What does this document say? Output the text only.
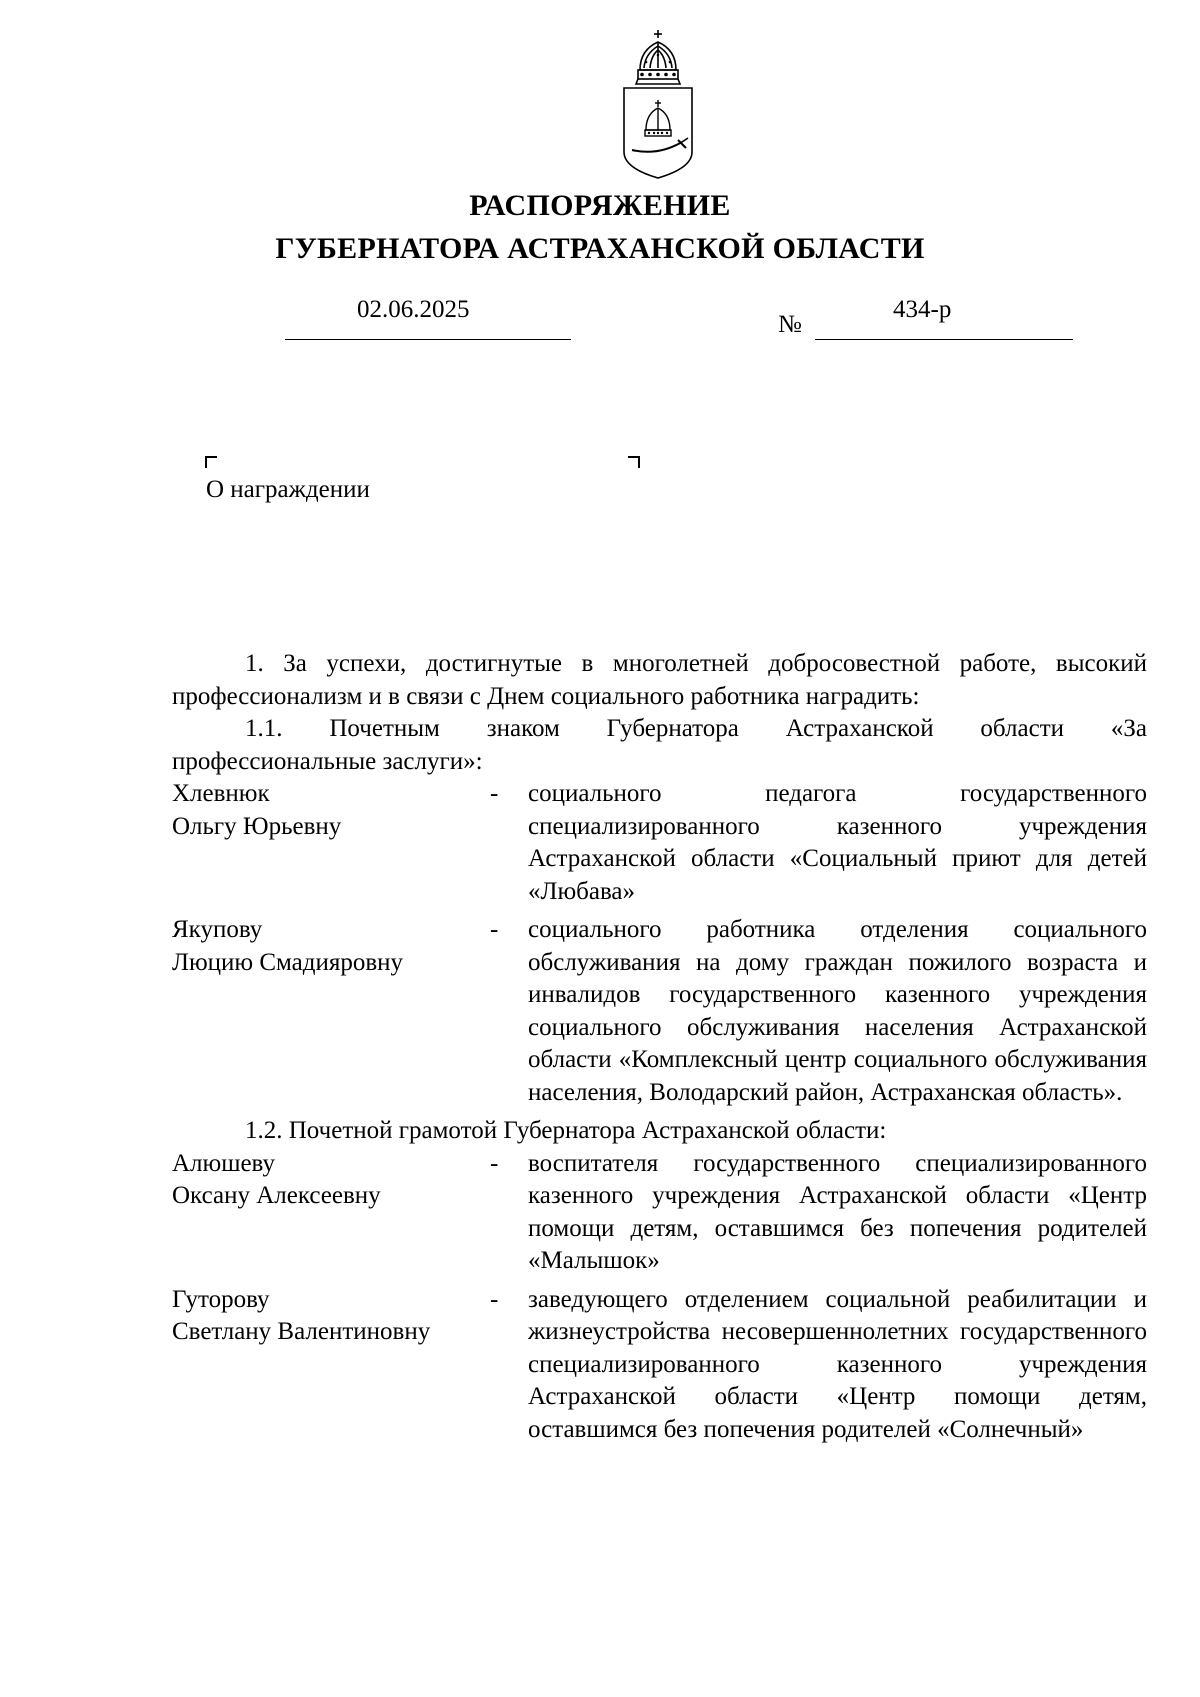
РАСПОРЯЖЕНИЕ
ГУБЕРНАТОРА АСТРАХАНСКОЙ ОБЛАСТИ
02.06.2025
№
434-р
О награждении

1. За успехи, достигнутые в многолетней добросовестной работе, высокий профессионализм и в связи с Днем социального работника наградить:

1.1. Почетным знаком Губернатора Астраханской области «За

профессиональные заслуги»:

Хлевнюк
Ольгу Юрьевну
-	социального педагога государственного специализированного казенного учреждения Астраханской области «Социальный приют для детей «Любава»
Якупову
Люцию Смадияровну
-	социального работника отделения социального обслуживания на дому граждан пожилого возраста и инвалидов государственного казенного учреждения социального обслуживания населения Астраханской области «Комплексный центр социального обслуживания населения, Володарский район, Астраханская область».

1.2. Почетной грамотой Губернатора Астраханской области:

Алюшеву
Оксану Алексеевну
-	воспитателя государственного специализированного казенного учреждения Астраханской области «Центр помощи детям, оставшимся без попечения родителей «Малышок»
Гуторову
Светлану Валентиновну
-	заведующего отделением социальной реабилитации и жизнеустройства несовершеннолетних государственного специализированного казенного учреждения Астраханской области «Центр помощи детям, оставшимся без попечения родителей «Солнечный»
